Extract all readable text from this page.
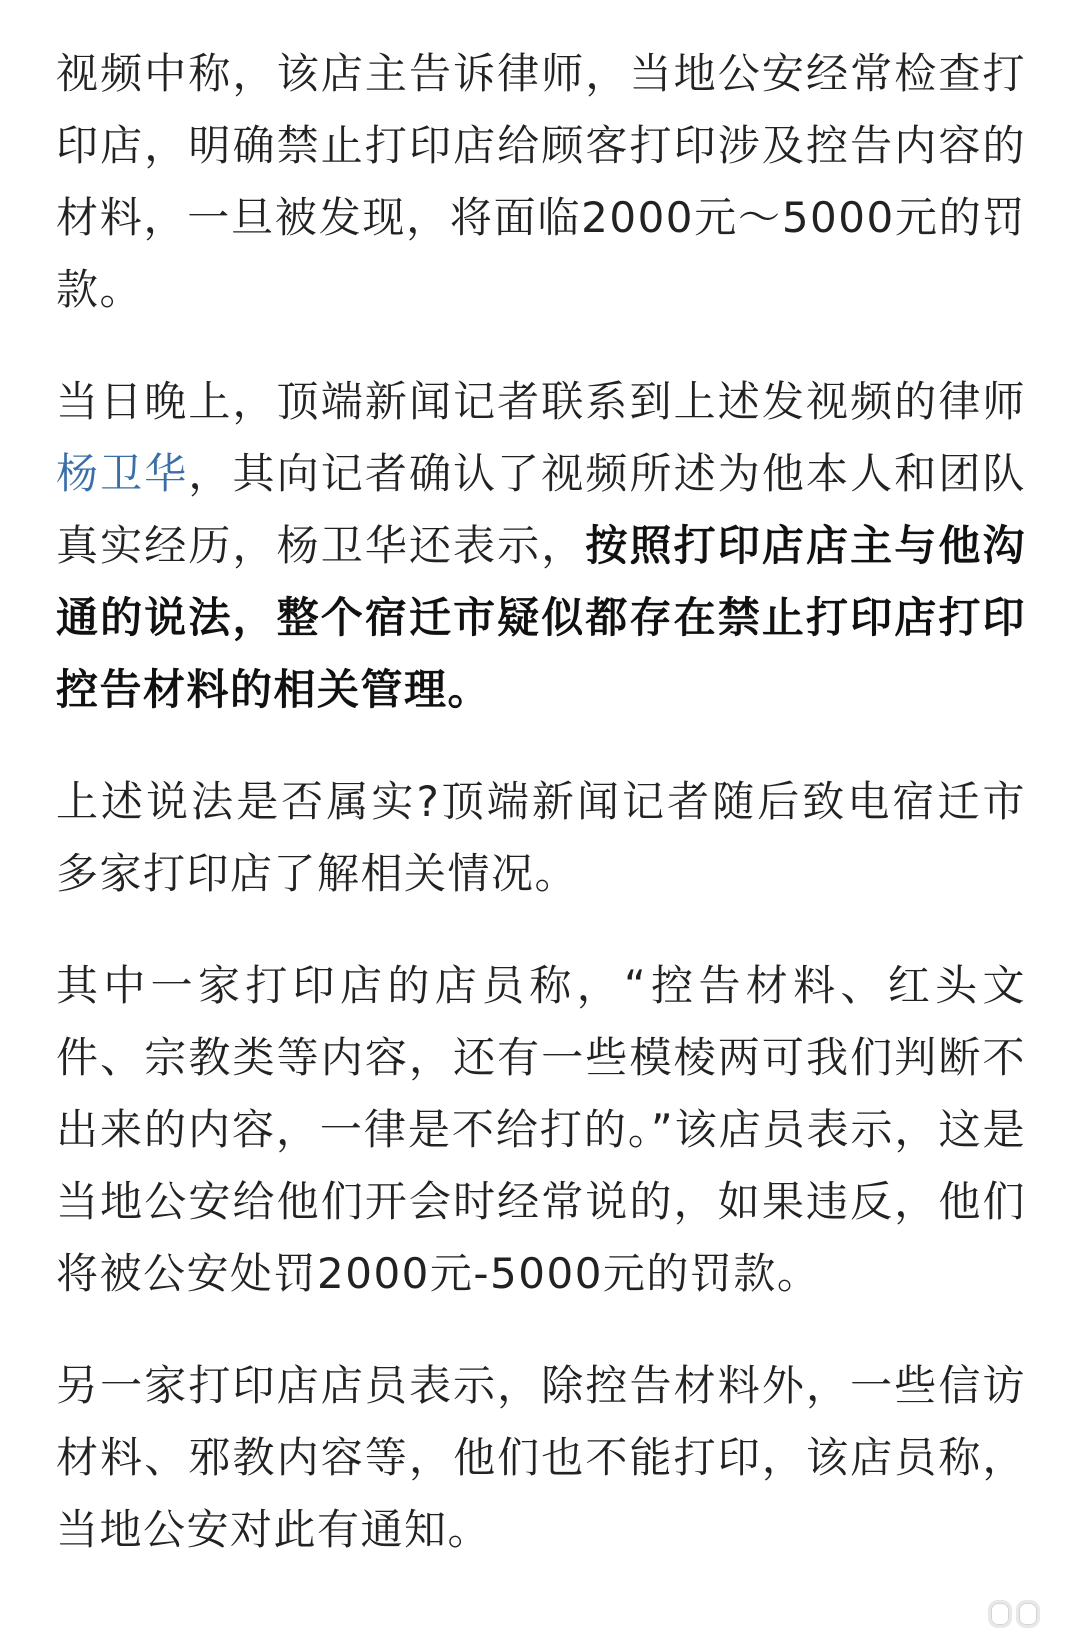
视频中称，该店主告诉律师，当地公安经常检查打印店，明确禁止打印店给顾客打印涉及控告内容的材料，一旦被发现，将面临2000元～5000元的罚款。

当日晚上，顶端新闻记者联系到上述发视频的律师杨卫华，其向记者确认了视频所述为他本人和团队真实经历，杨卫华还表示，按照打印店店主与他沟通的说法，整个宿迁市疑似都存在禁止打印店打印控告材料的相关管理。

上述说法是否属实?顶端新闻记者随后致电宿迁市多家打印店了解相关情况。

其中一家打印店的店员称，“控告材料、红头文件、宗教类等内容，还有一些模棱两可我们判断不出来的内容，一律是不给打的。”该店员表示，这是当地公安给他们开会时经常说的，如果违反，他们将被公安处罚2000元-5000元的罚款。

另一家打印店店员表示，除控告材料外，一些信访材料、邪教内容等，他们也不能打印，该店员称，当地公安对此有通知。
